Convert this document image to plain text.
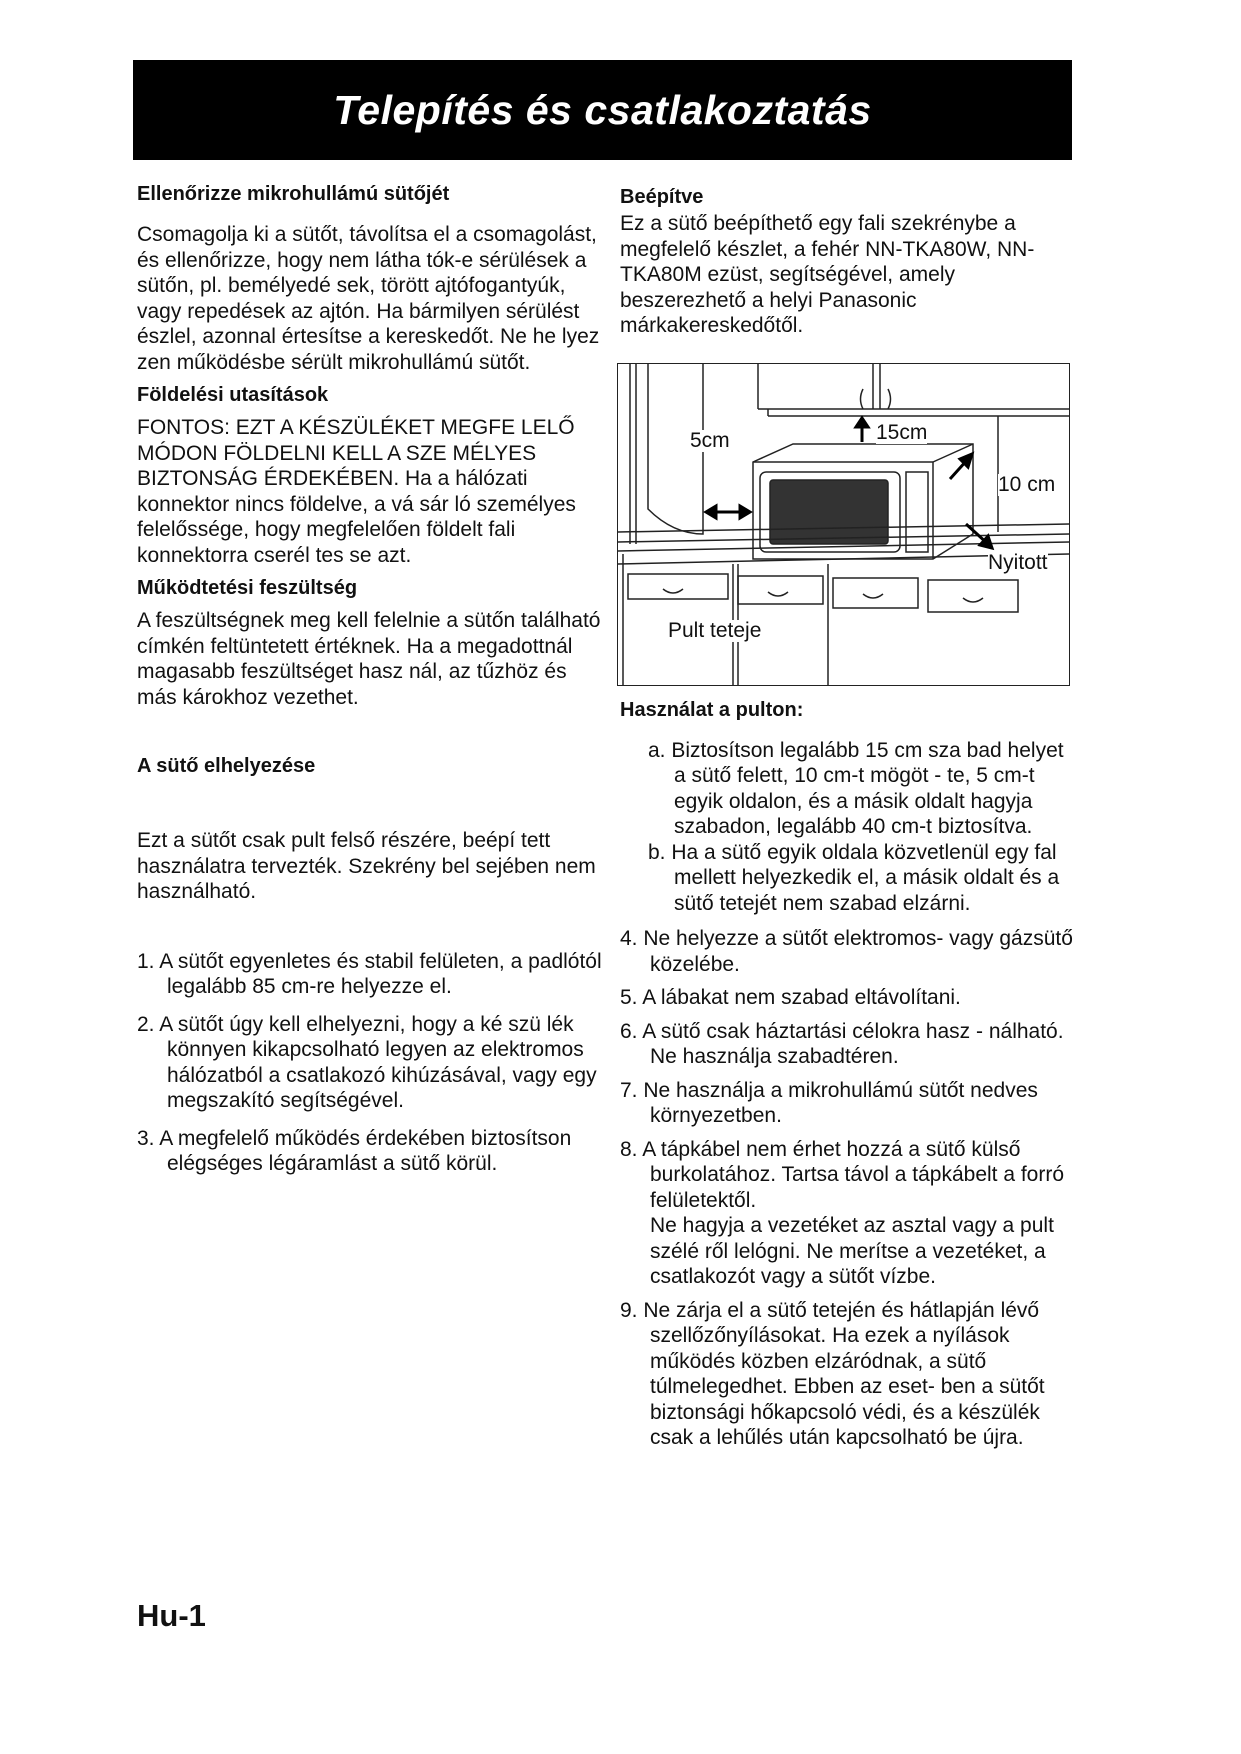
Telepítés és csatlakoztatás
Ellenőrizze mikrohullámú sütőjét

Csomagolja ki a sütőt, távolítsa el a csomagolást, és ellenőrizze, hogy nem látha tók-e sérülések a sütőn, pl. bemélyedé sek, törött ajtófogantyúk, vagy repedések az ajtón. Ha bármilyen sérülést észlel, azonnal értesítse a kereskedőt. Ne he lyez zen működésbe sérült mikrohullámú sütőt.

Földelési utasítások

FONTOS: EZT A KÉSZÜLÉKET MEGFE LELŐ MÓDON FÖLDELNI KELL A SZE MÉLYES BIZTONSÁG ÉRDEKÉBEN. Ha a hálózati konnektor nincs földelve, a vá sár ló személyes felelőssége, hogy megfelelően földelt fali konnektorra cserél tes se azt.

Működtetési feszültség

A feszültségnek meg kell felelnie a sütőn található címkén feltüntetett értéknek. Ha a megadottnál magasabb feszültséget hasz nál, az tűzhöz és más károkhoz vezethet.

A sütő elhelyezése

Ezt a sütőt csak pult felső részére, beépí tett használatra tervezték. Szekrény bel sejében nem használható.

1. A sütőt egyenletes és stabil felületen, a padlótól legalább 85 cm-re helyezze el.
2. A sütőt úgy kell elhelyezni, hogy a ké szü lék könnyen kikapcsolható legyen az elektromos hálózatból a csatlakozó kihúzásával, vagy egy megszakító segítségével.
3. A megfelelő működés érdekében biztosítson elégséges légáramlást a sütő körül.
Beépítve

Ez a sütő beépíthető egy fali szekrénybe a megfelelő készlet, a fehér NN-TKA80W, NN-TKA80M ezüst, segítségével, amely beszerezhető a helyi Panasonic márkakereskedőtől.

5cm	15cm
10 cm
Nyitott
Pult teteje
Használat a pulton:
a. Biztosítson legalább 15 cm sza bad helyet a sütő felett, 10 cm-t mögöt - te, 5 cm-t egyik oldalon, és a másik oldalt hagyja szabadon, legalább 40 cm-t biztosítva.
b. Ha a sütő egyik oldala közvetlenül egy fal mellett helyezkedik el, a másik oldalt és a sütő tetejét nem szabad elzárni.
4. Ne helyezze a sütőt elektromos- vagy gázsütő közelébe.
5. A lábakat nem szabad eltávolítani.
6. A sütő csak háztartási célokra hasz - nálható. Ne használja szabadtéren.
7. Ne használja a mikrohullámú sütőt nedves környezetben.
8. A tápkábel nem érhet hozzá a sütő külső burkolatához. Tartsa távol a tápkábelt a forró felületektől.
Ne hagyja a vezetéket az asztal vagy a pult szélé ről lelógni. Ne merítse a vezetéket, a csatlakozót vagy a sütőt vízbe.
9. Ne zárja el a sütő tetején és hátlapján lévő szellőzőnyílásokat. Ha ezek a nyílások működés közben elzáródnak, a sütő túlmelegedhet. Ebben az eset- ben a sütőt biztonsági hőkapcsoló védi, és a készülék csak a lehűlés után kapcsolható be újra.
Hu-1
